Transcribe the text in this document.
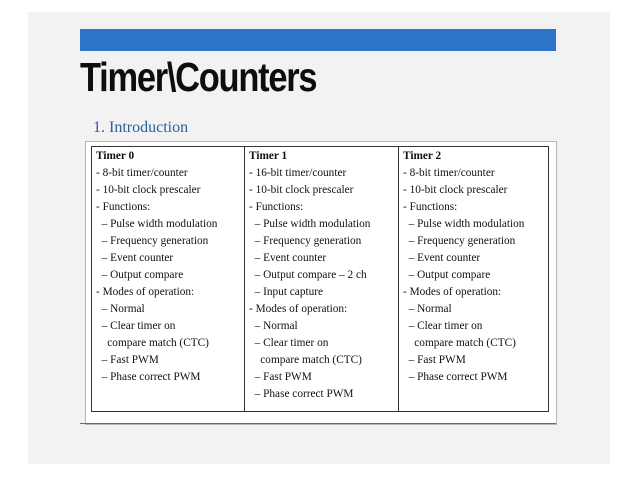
Timer\Counters
1. Introduction
Timer 0
- 8-bit timer/counter
- 10-bit clock prescaler
- Functions:
– Pulse width modulation
– Frequency generation
– Event counter
– Output compare
- Modes of operation:
– Normal
– Clear timer on
compare match (CTC)
– Fast PWM
– Phase correct PWM
Timer 1
- 16-bit timer/counter
- 10-bit clock prescaler
- Functions:
– Pulse width modulation
– Frequency generation
– Event counter
– Output compare – 2 ch
– Input capture
- Modes of operation:
– Normal
– Clear timer on
compare match (CTC)
– Fast PWM
– Phase correct PWM
Timer 2
- 8-bit timer/counter
- 10-bit clock prescaler
- Functions:
– Pulse width modulation
– Frequency generation
– Event counter
– Output compare
- Modes of operation:
– Normal
– Clear timer on
compare match (CTC)
– Fast PWM
– Phase correct PWM
